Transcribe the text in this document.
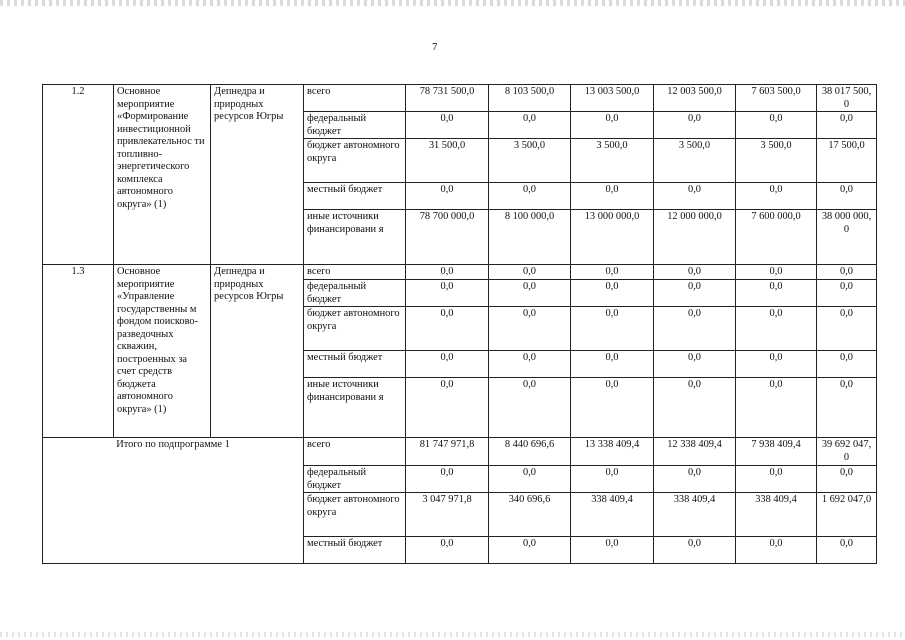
7
1.2	Основное мероприятие «Формирование инвестиционной привлекательнос ти топливно-энергетического комплекса автономного округа» (1)	Депнедра и природных ресурсов Югры	всего	78 731 500,0	8 103 500,0	13 003 500,0	12 003 500,0	7 603 500,0	38 017 500, 0
			федеральный бюджет	0,0	0,0	0,0	0,0	0,0	0,0
			бюджет автономного округа	31 500,0	3 500,0	3 500,0	3 500,0	3 500,0	17 500,0
			местный бюджет	0,0	0,0	0,0	0,0	0,0	0,0
			иные источники финансировани я	78 700 000,0	8 100 000,0	13 000 000,0	12 000 000,0	7 600 000,0	38 000 000, 0
1.3	Основное мероприятие «Управление государственны м фондом поисково-разведочных скважин, построенных за счет средств бюджета автономного округа» (1)	Депнедра и природных ресурсов Югры	всего	0,0	0,0	0,0	0,0	0,0	0,0
			федеральный бюджет	0,0	0,0	0,0	0,0	0,0	0,0
			бюджет автономного округа	0,0	0,0	0,0	0,0	0,0	0,0
			местный бюджет	0,0	0,0	0,0	0,0	0,0	0,0
			иные источники финансировани я	0,0	0,0	0,0	0,0	0,0	0,0
Итого по подпрограмме 1			всего	81 747 971,8	8 440 696,6	13 338 409,4	12 338 409,4	7 938 409,4	39 692 047, 0
			федеральный бюджет	0,0	0,0	0,0	0,0	0,0	0,0
			бюджет автономного округа	3 047 971,8	340 696,6	338 409,4	338 409,4	338 409,4	1 692 047,0
			местный бюджет	0,0	0,0	0,0	0,0	0,0	0,0
